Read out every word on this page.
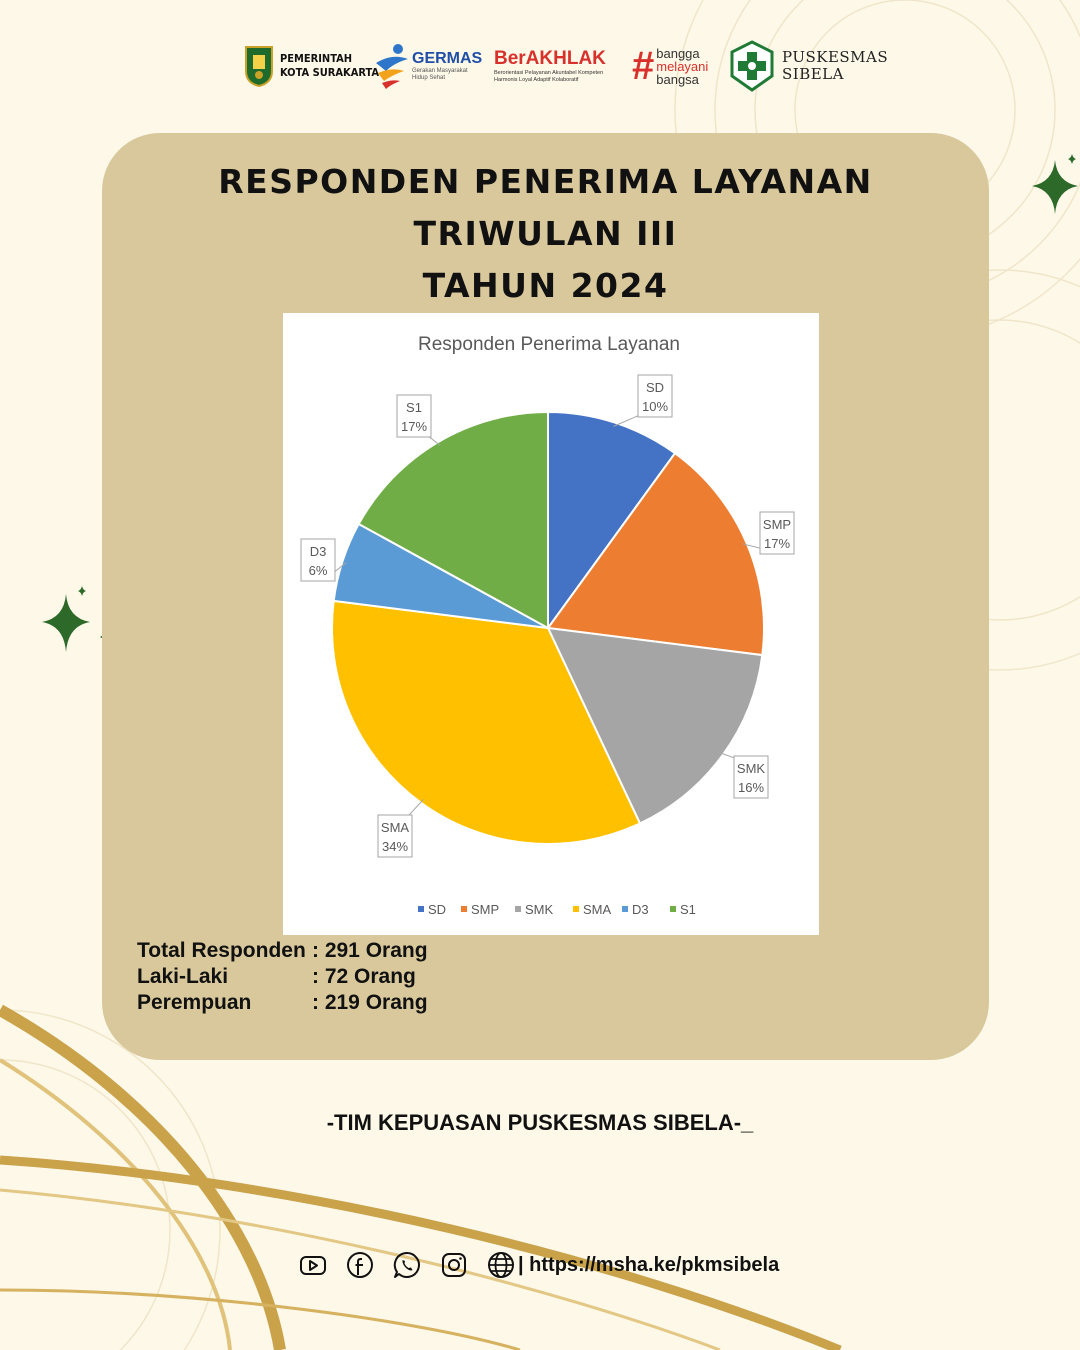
PEMERINTAH
KOTA SURAKARTA
GERMAS
Gerakan Masyarakat
Hidup Sehat
BerAKHLAK
Berorientasi Pelayanan Akuntabel Kompeten
Harmonis Loyal Adaptif Kolaboratif	# bangga
melayani
bangsa
PUSKESMAS
SIBELA
RESPONDEN PENERIMA LAYANAN
TRIWULAN III
TAHUN 2024
Responden Penerima Layanan
SD
10%
SMP
17%
SMK
16%
SMA
34%
D3
6%
S1
17%
SD SMP SMK SMA D3 S1
Total Responden : 291 Orang
Laki-Laki	: 72 Orang
Perempuan	: 219 Orang
-TIM KEPUASAN PUSKESMAS SIBELA-_
| https://msha.ke/pkmsibela
